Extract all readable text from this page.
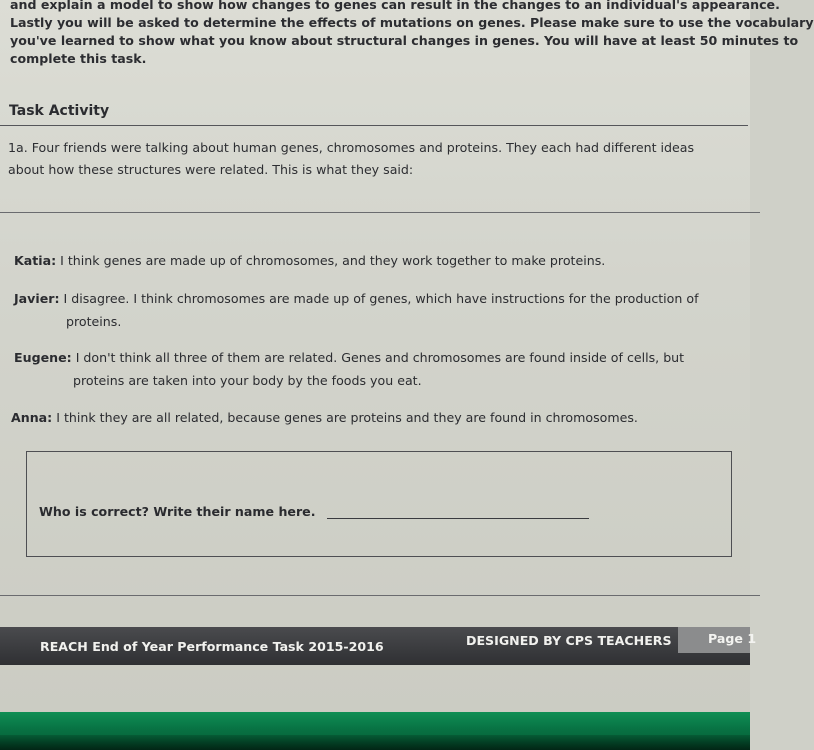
and explain a model to show how changes to genes can result in the changes to an individual's appearance.

Lastly you will be asked to determine the effects of mutations on genes. Please make sure to use the vocabulary

you've learned to show what you know about structural changes in genes. You will have at least 50 minutes to

complete this task.

Task Activity

1a. Four friends were talking about human genes, chromosomes and proteins. They each had different ideas

about how these structures were related. This is what they said:

Katia: I think genes are made up of chromosomes, and they work together to make proteins.
Javier: I disagree. I think chromosomes are made up of genes, which have instructions for the production of
proteins.
Eugene: I don't think all three of them are related. Genes and chromosomes are found inside of cells, but
proteins are taken into your body by the foods you eat.
Anna: I think they are all related, because genes are proteins and they are found in chromosomes.
Who is correct? Write their name here.
REACH End of Year Performance Task 2015-2016	DESIGNED BY CPS TEACHERS	Page 1
